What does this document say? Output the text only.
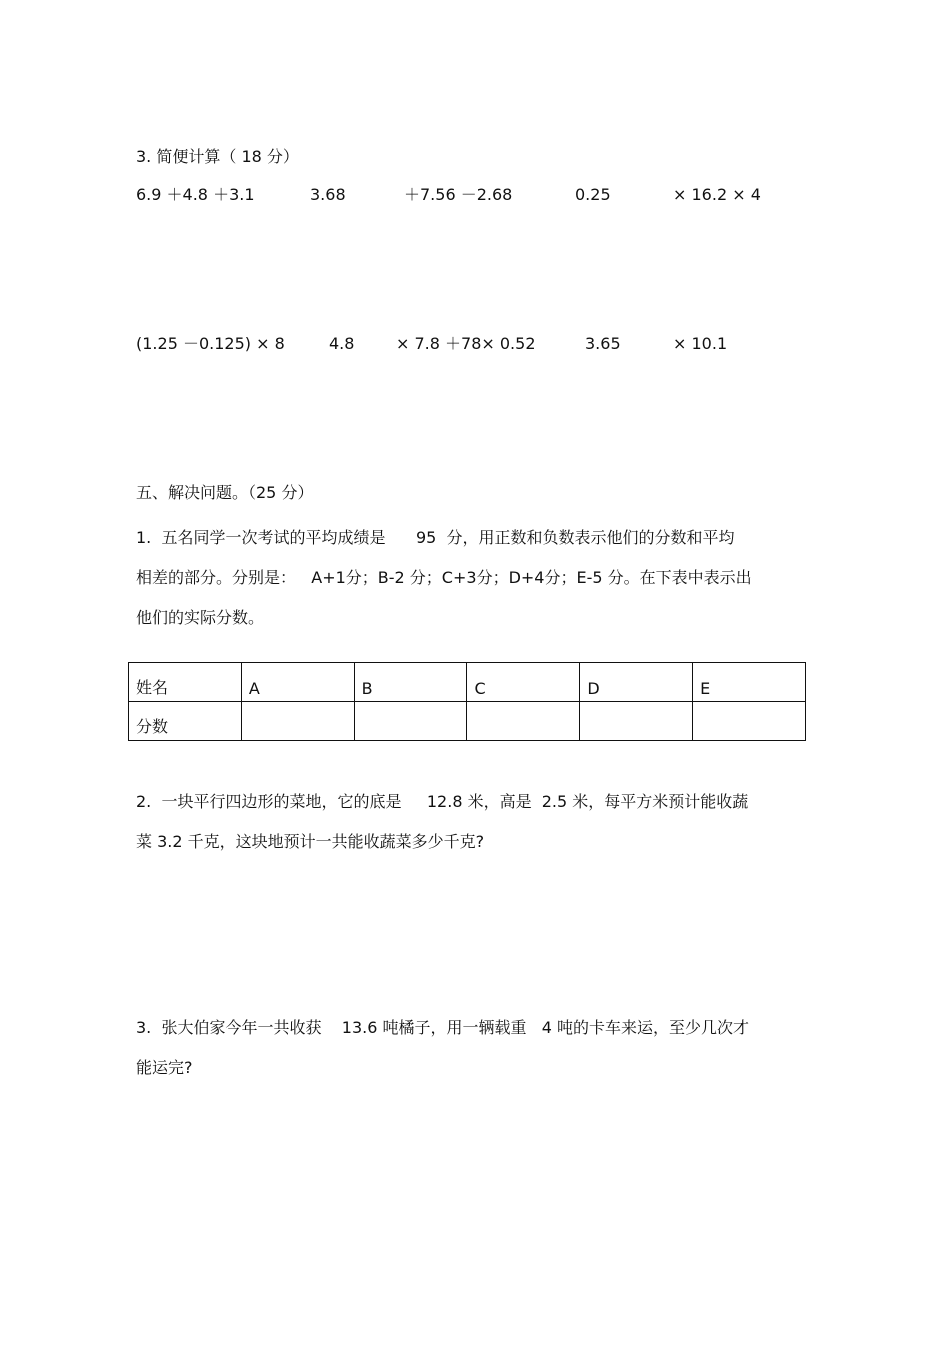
3. 简便计算（ 18 分）
6.9 ＋4.8 ＋3.1	3.68	＋7.56 －2.68	0.25	× 16.2 × 4
(1.25 －0.125) × 8	4.8	× 7.8 ＋78× 0.52	3.65	× 10.1
五、解决问题。（25 分）
1.  五名同学一次考试的平均成绩是      95  分，用正数和负数表示他们的分数和平均
相差的部分。分别是：   A+1分；B-2 分；C+3分；D+4分；E-5 分。在下表中表示出
他们的实际分数。
姓名	A	B	C	D	E
分数					
2.  一块平行四边形的菜地，它的底是     12.8 米，高是  2.5 米，每平方米预计能收蔬
菜 3.2 千克，这块地预计一共能收蔬菜多少千克?
3.  张大伯家今年一共收获    13.6 吨橘子，用一辆载重   4 吨的卡车来运，至少几次才
能运完?
